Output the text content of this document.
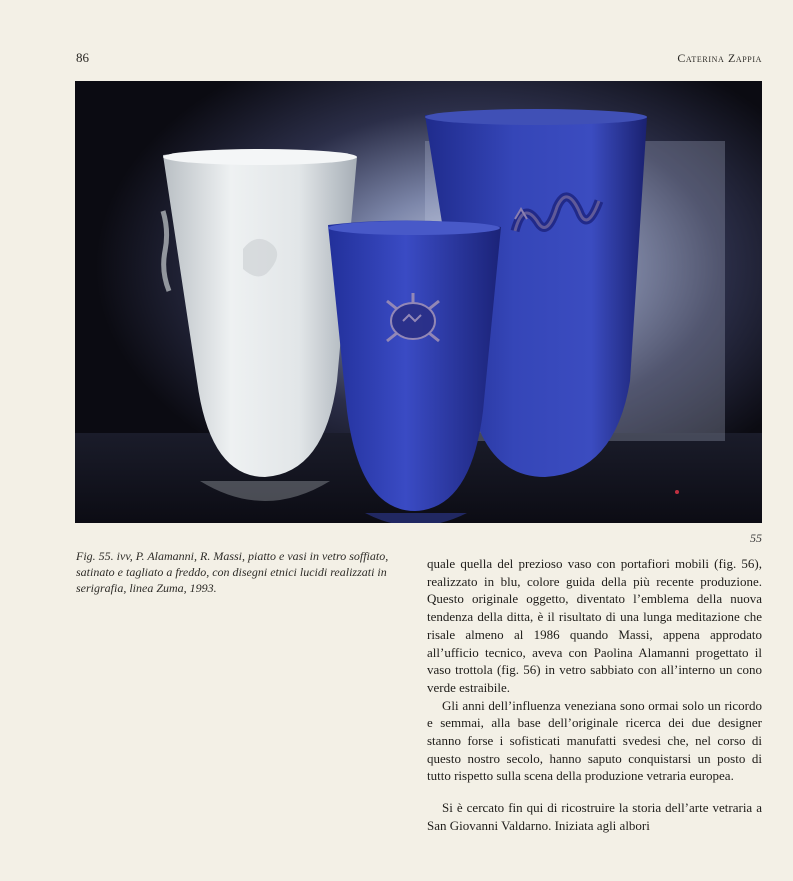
86	Caterina Zappia
55
Fig. 55. ivv, P. Alamanni, R. Massi, piatto e vasi in vetro soffiato, satinato e tagliato a freddo, con disegni etnici lucidi realizzati in serigrafia, linea Zuma, 1993.

quale quella del prezioso vaso con portafiori mobili (fig. 56), realizzato in blu, colore guida della più recente produzione. Questo originale oggetto, diventato l’emblema della nuova tendenza della ditta, è il risultato di una lunga meditazione che risale almeno al 1986 quando Massi, appena approdato all’ufficio tecnico, aveva con Paolina Alamanni progettato il vaso trottola (fig. 56) in vetro sabbiato con all’interno un cono verde estraibile.

Gli anni dell’influenza veneziana sono ormai solo un ricordo e semmai, alla base dell’originale ricerca dei due designer stanno forse i sofisticati manufatti svedesi che, nel corso di questo nostro secolo, hanno saputo conquistarsi un posto di tutto rispetto sulla scena della produzione vetraria europea.

Si è cercato fin qui di ricostruire la storia dell’arte vetraria a San Giovanni Valdarno. Iniziata agli albori
